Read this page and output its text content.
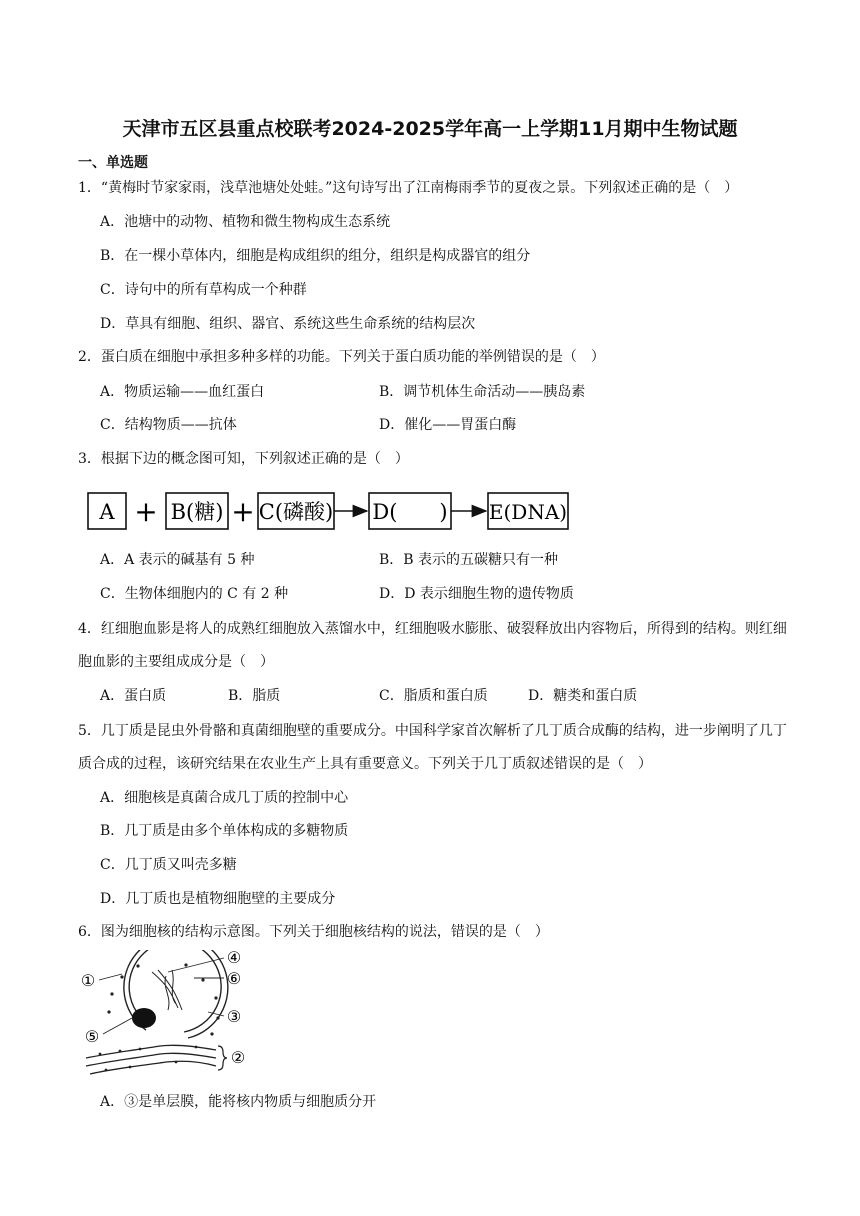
天津市五区县重点校联考2024-2025学年高一上学期11月期中生物试题
一、单选题
1．“黄梅时节家家雨，浅草池塘处处蛙。”这句诗写出了江南梅雨季节的夏夜之景。下列叙述正确的是（　）
A．池塘中的动物、植物和微生物构成生态系统
B．在一棵小草体内，细胞是构成组织的组分，组织是构成器官的组分
C．诗句中的所有草构成一个种群
D．草具有细胞、组织、器官、系统这些生命系统的结构层次
2．蛋白质在细胞中承担多种多样的功能。下列关于蛋白质功能的举例错误的是（　）
A．物质运输——血红蛋白	B．调节机体生命活动——胰岛素
C．结构物质——抗体	D．催化——胃蛋白酶
3．根据下边的概念图可知，下列叙述正确的是（　）
A + B(糖) + C(磷酸) D(　　) E(DNA)
A．A 表示的碱基有 5 种	B．B 表示的五碳糖只有一种
C．生物体细胞内的 C 有 2 种	D．D 表示细胞生物的遗传物质
4．红细胞血影是将人的成熟红细胞放入蒸馏水中，红细胞吸水膨胀、破裂释放出内容物后，所得到的结构。则红细胞血影的主要组成成分是（　）
A．蛋白质	B．脂质	C．脂质和蛋白质	D．糖类和蛋白质
5．几丁质是昆虫外骨骼和真菌细胞壁的重要成分。中国科学家首次解析了几丁质合成酶的结构，进一步阐明了几丁质合成的过程，该研究结果在农业生产上具有重要意义。下列关于几丁质叙述错误的是（　）
A．细胞核是真菌合成几丁质的控制中心
B．几丁质是由多个单体构成的多糖物质
C．几丁质又叫壳多糖
D．几丁质也是植物细胞壁的主要成分
6．图为细胞核的结构示意图。下列关于细胞核结构的说法，错误的是（　）
①
④
⑥
③
⑤
②
A．③是单层膜，能将核内物质与细胞质分开
